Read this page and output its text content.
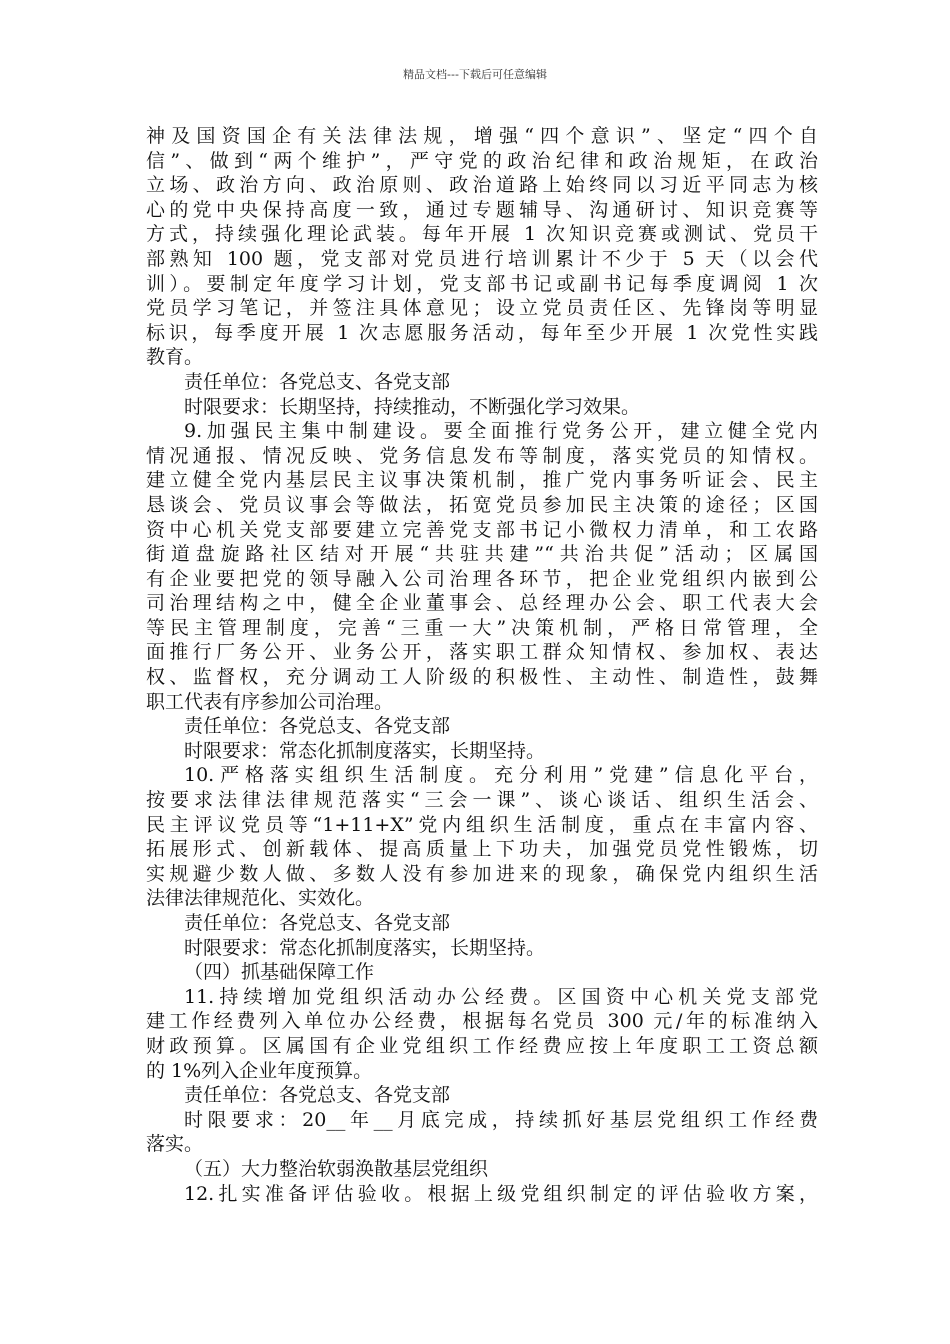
精品文档---下载后可任意编辑

神及国资国企有关法律法规，增强“四个意识”、坚定“四个自
信”、做到“两个维护”，严守党的政治纪律和政治规矩，在政治
立场、政治方向、政治原则、政治道路上始终同以习近平同志为核
心的党中央保持高度一致，通过专题辅导、沟通研讨、知识竞赛等
方式，持续强化理论武装。每年开展 1 次知识竞赛或测试、党员干
部熟知 100 题，党支部对党员进行培训累计不少于 5 天（以会代
训）。要制定年度学习计划，党支部书记或副书记每季度调阅 1 次
党员学习笔记，并签注具体意见；设立党员责任区、先锋岗等明显
标识，每季度开展 1 次志愿服务活动，每年至少开展 1 次党性实践
教育。

责任单位：各党总支、各党支部

时限要求：长期坚持，持续推动，不断强化学习效果。

9.加强民主集中制建设。要全面推行党务公开，建立健全党内
情况通报、情况反映、党务信息发布等制度，落实党员的知情权。
建立健全党内基层民主议事决策机制，推广党内事务听证会、民主
恳谈会、党员议事会等做法，拓宽党员参加民主决策的途径；区国
资中心机关党支部要建立完善党支部书记小微权力清单，和工农路
街道盘旋路社区结对开展“共驻共建”“共治共促”活动；区属国
有企业要把党的领导融入公司治理各环节，把企业党组织内嵌到公
司治理结构之中，健全企业董事会、总经理办公会、职工代表大会
等民主管理制度，完善“三重一大”决策机制，严格日常管理，全
面推行厂务公开、业务公开，落实职工群众知情权、参加权、表达
权、监督权，充分调动工人阶级的积极性、主动性、制造性，鼓舞
职工代表有序参加公司治理。

责任单位：各党总支、各党支部

时限要求：常态化抓制度落实，长期坚持。

10.严格落实组织生活制度。充分利用”党建”信息化平台，
按要求法律法律规范落实“三会一课”、谈心谈话、组织生活会、
民主评议党员等“1+11+X”党内组织生活制度，重点在丰富内容、
拓展形式、创新载体、提高质量上下功夫，加强党员党性锻炼，切
实规避少数人做、多数人没有参加进来的现象，确保党内组织生活
法律法律规范化、实效化。

责任单位：各党总支、各党支部

时限要求：常态化抓制度落实，长期坚持。

（四）抓基础保障工作

11.持续增加党组织活动办公经费。区国资中心机关党支部党
建工作经费列入单位办公经费，根据每名党员 300 元/年的标准纳入
财政预算。区属国有企业党组织工作经费应按上年度职工工资总额
的 1%列入企业年度预算。

责任单位：各党总支、各党支部

时限要求：20__年__月底完成，持续抓好基层党组织工作经费
落实。

（五）大力整治软弱涣散基层党组织

12.扎实准备评估验收。根据上级党组织制定的评估验收方案，
